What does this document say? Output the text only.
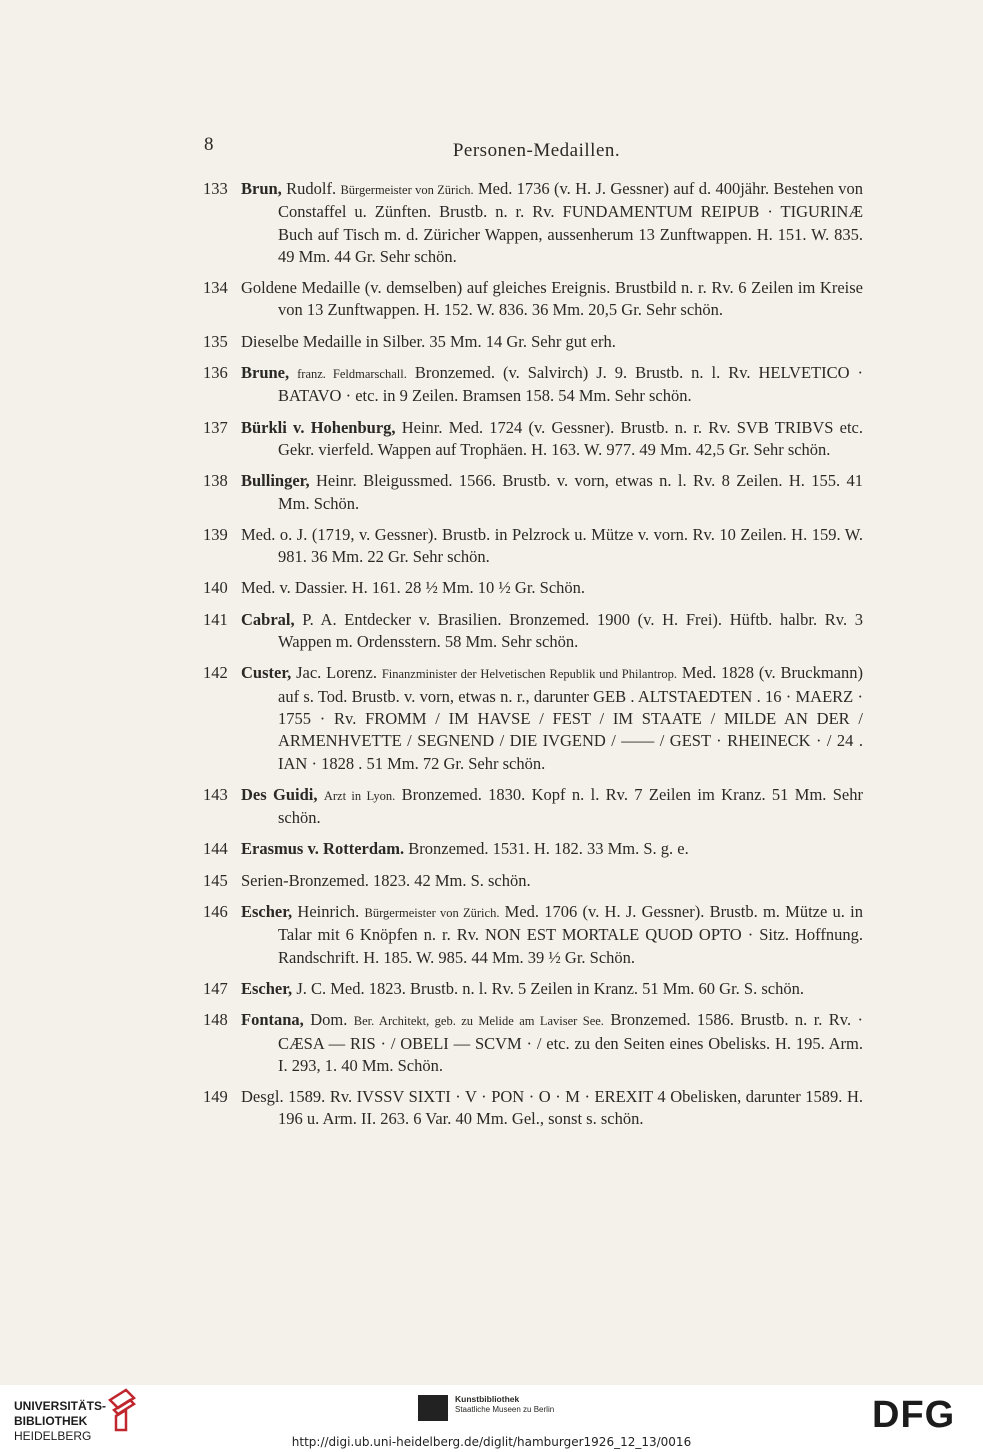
8	Personen-Medaillen.
133 Brun, Rudolf. Bürgermeister von Zürich. Med. 1736 (v. H. J. Gessner) auf d. 400jähr. Bestehen von Constaffel u. Zünften. Brustb. n. r. Rv. FUNDAMENTUM REIPUB · TIGURINÆ Buch auf Tisch m. d. Züricher Wappen, aussenherum 13 Zunftwappen. H. 151. W. 835. 49 Mm. 44 Gr. Sehr schön.
134 Goldene Medaille (v. demselben) auf gleiches Ereignis. Brustbild n. r. Rv. 6 Zeilen im Kreise von 13 Zunftwappen. H. 152. W. 836. 36 Mm. 20,5 Gr. Sehr schön.
135 Dieselbe Medaille in Silber. 35 Mm. 14 Gr. Sehr gut erh.
136 Brune, franz. Feldmarschall. Bronzemed. (v. Salvirch) J. 9. Brustb. n. l. Rv. HELVETICO · BATAVO · etc. in 9 Zeilen. Bramsen 158. 54 Mm. Sehr schön.
137 Bürkli v. Hohenburg, Heinr. Med. 1724 (v. Gessner). Brustb. n. r. Rv. SVB TRIBVS etc. Gekr. vierfeld. Wappen auf Trophäen. H. 163. W. 977. 49 Mm. 42,5 Gr. Sehr schön.
138 Bullinger, Heinr. Bleigussmed. 1566. Brustb. v. vorn, etwas n. l. Rv. 8 Zeilen. H. 155. 41 Mm. Schön.
139 Med. o. J. (1719, v. Gessner). Brustb. in Pelzrock u. Mütze v. vorn. Rv. 10 Zeilen. H. 159. W. 981. 36 Mm. 22 Gr. Sehr schön.
140 Med. v. Dassier. H. 161. 28 ½ Mm. 10 ½ Gr. Schön.
141 Cabral, P. A. Entdecker v. Brasilien. Bronzemed. 1900 (v. H. Frei). Hüftb. halbr. Rv. 3 Wappen m. Ordensstern. 58 Mm. Sehr schön.
142 Custer, Jac. Lorenz. Finanzminister der Helvetischen Republik und Philantrop. Med. 1828 (v. Bruckmann) auf s. Tod. Brustb. v. vorn, etwas n. r., darunter GEB . ALTSTAEDTEN . 16 · MAERZ · 1755 · Rv. FROMM / IM HAVSE / FEST / IM STAATE / MILDE AN DER / ARMENHVETTE / SEGNEND / DIE IVGEND / —— / GEST · RHEINECK · / 24 . IAN · 1828 . 51 Mm. 72 Gr. Sehr schön.
143 Des Guidi, Arzt in Lyon. Bronzemed. 1830. Kopf n. l. Rv. 7 Zeilen im Kranz. 51 Mm. Sehr schön.
144 Erasmus v. Rotterdam. Bronzemed. 1531. H. 182. 33 Mm. S. g. e.
145 Serien-Bronzemed. 1823. 42 Mm. S. schön.
146 Escher, Heinrich. Bürgermeister von Zürich. Med. 1706 (v. H. J. Gessner). Brustb. m. Mütze u. in Talar mit 6 Knöpfen n. r. Rv. NON EST MORTALE QUOD OPTO · Sitz. Hoffnung. Randschrift. H. 185. W. 985. 44 Mm. 39 ½ Gr. Schön.
147 Escher, J. C. Med. 1823. Brustb. n. l. Rv. 5 Zeilen in Kranz. 51 Mm. 60 Gr. S. schön.
148 Fontana, Dom. Ber. Architekt, geb. zu Melide am Laviser See. Bronzemed. 1586. Brustb. n. r. Rv. · CÆSA — RIS · / OBELI — SCVM · / etc. zu den Seiten eines Obelisks. H. 195. Arm. I. 293, 1. 40 Mm. Schön.
149 Desgl. 1589. Rv. IVSSV SIXTI · V · PON · O · M · EREXIT 4 Obelisken, darunter 1589. H. 196 u. Arm. II. 263. 6 Var. 40 Mm. Gel., sonst s. schön.
UNIVERSITÄTS-
BIBLIOTHEK
HEIDELBERG
Kunstbibliothek
Staatliche Museen zu Berlin	DFG
http://digi.ub.uni-heidelberg.de/diglit/hamburger1926_12_13/0016
